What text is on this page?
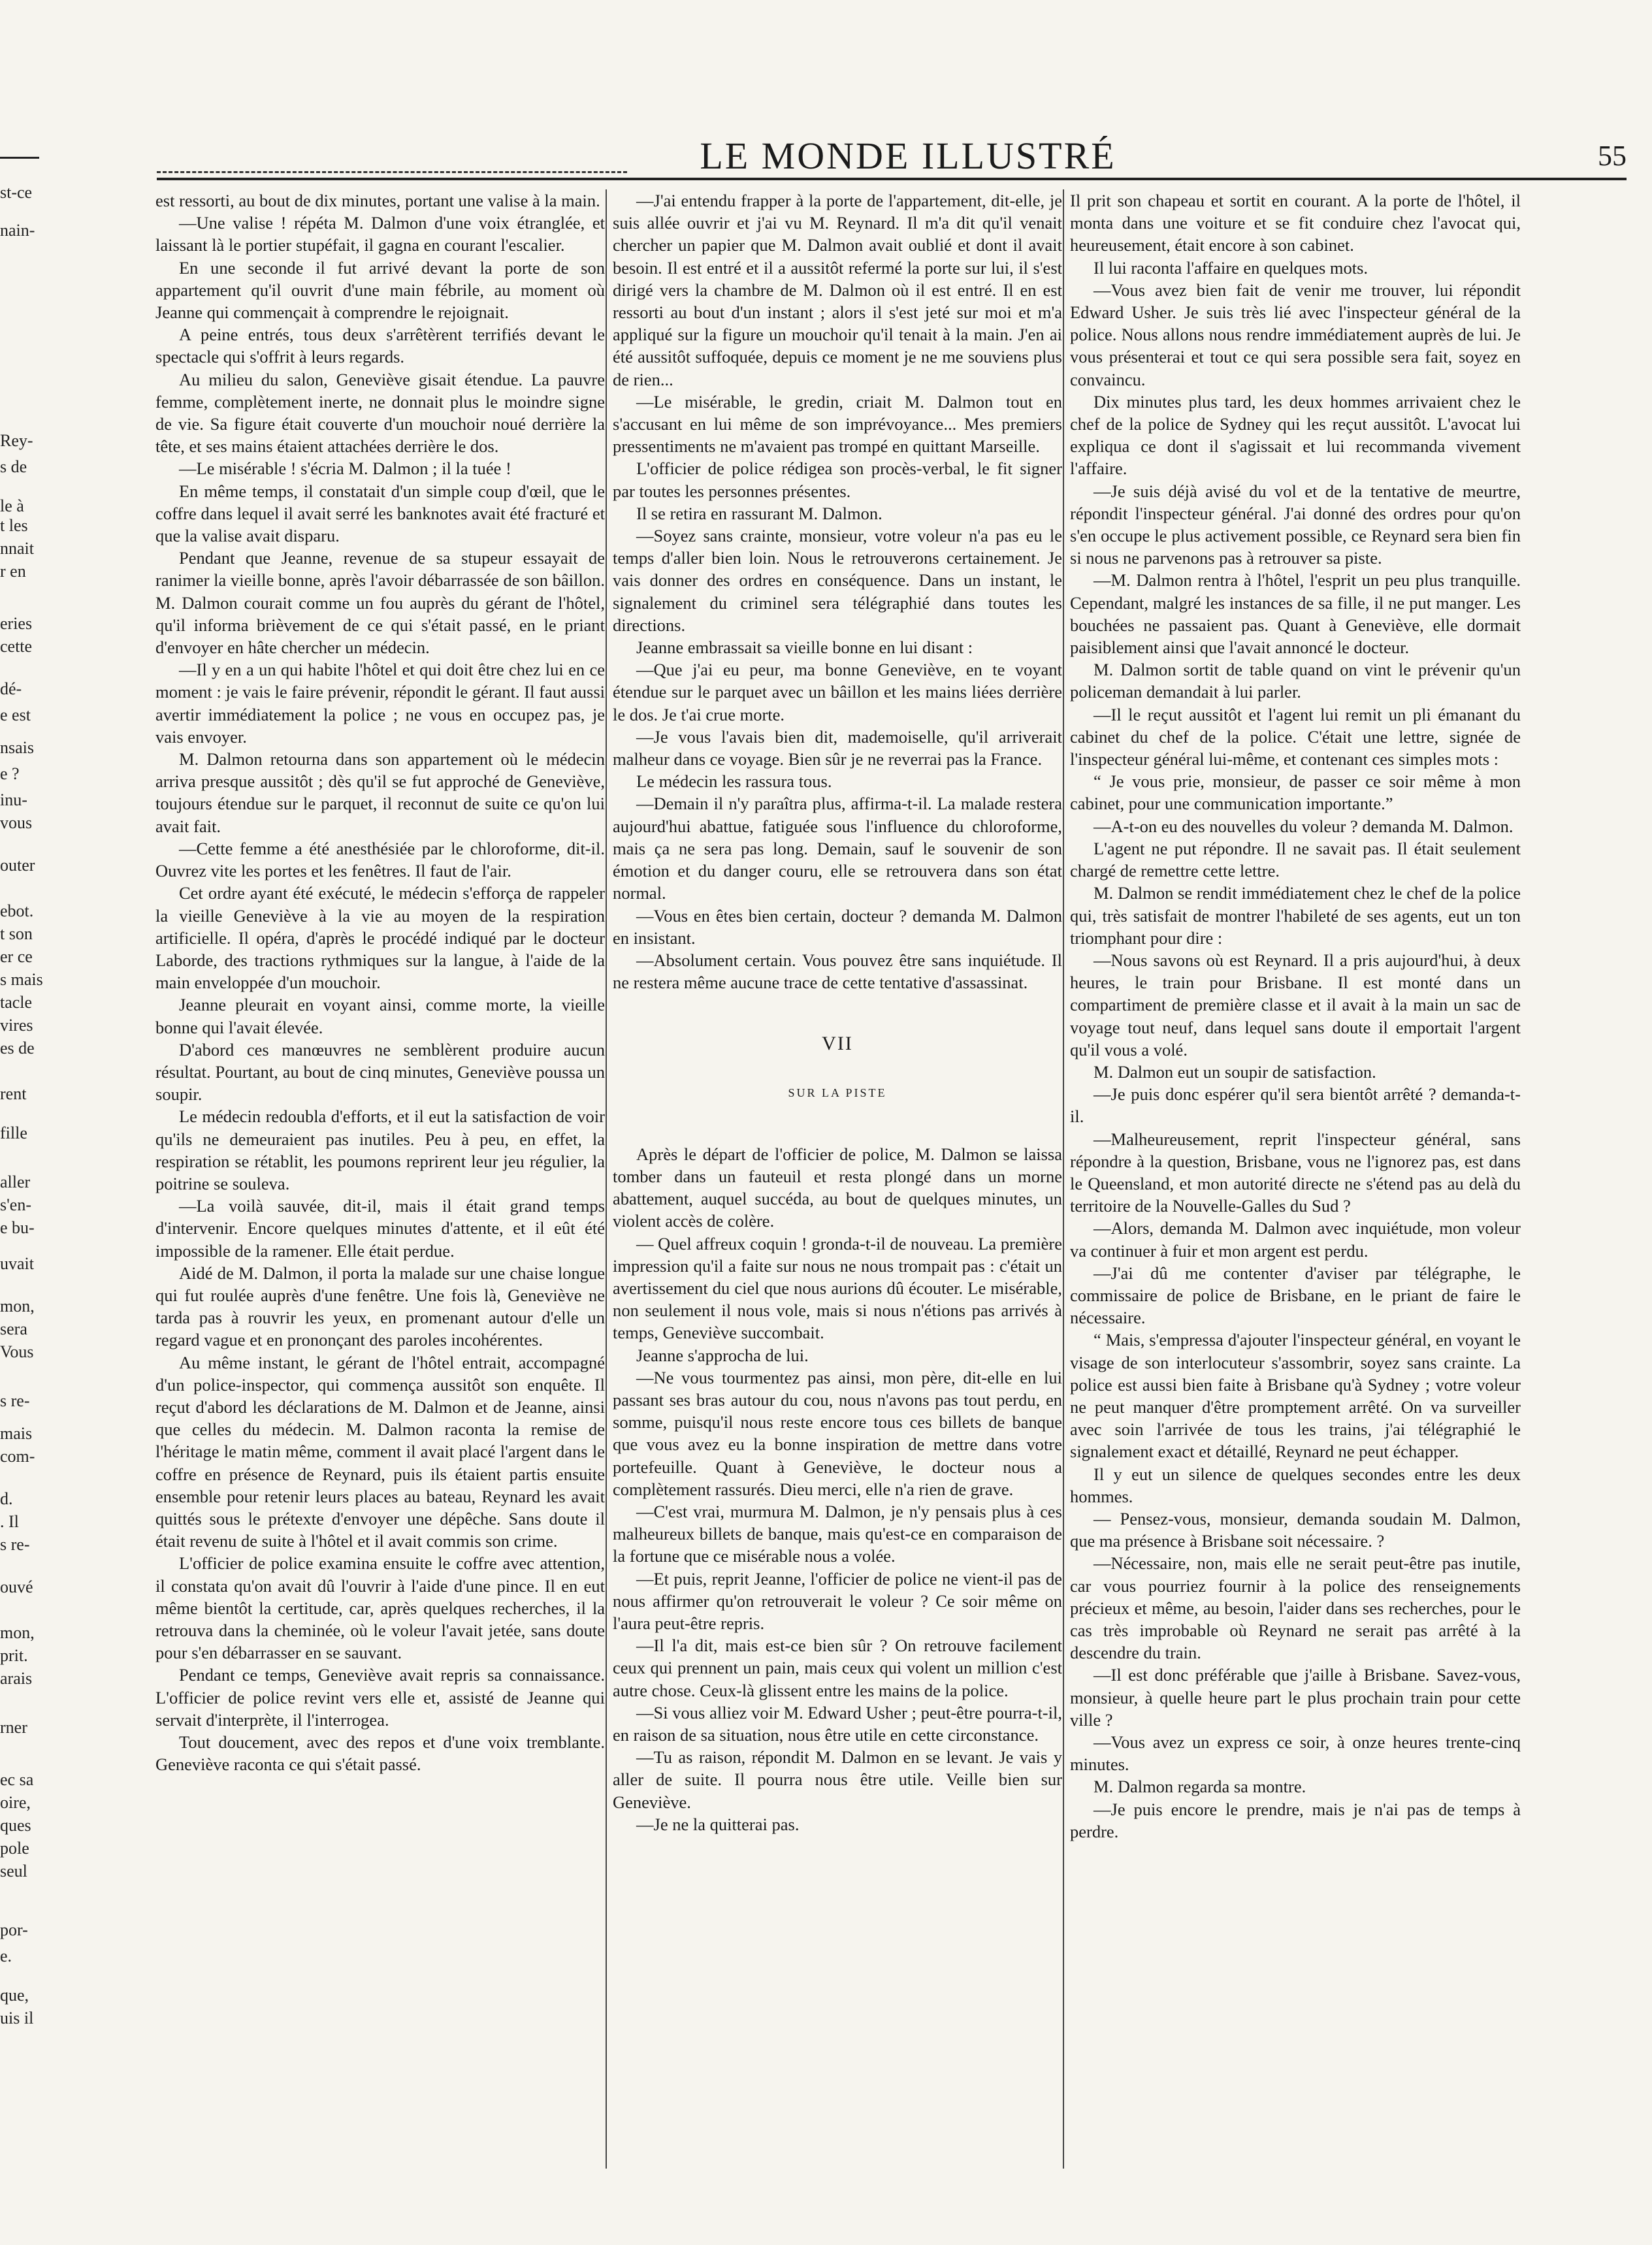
st-ce
nain-
Rey-
s de
le à
t les
nnait
r en
eries
cette
dé-
e est
nsais
e ?
inu-
vous
outer
ebot.
t son
er ce
s mais
tacle
vires
es de
rent
fille
aller
s'en-
e bu-
uvait
mon,
sera
Vous
s re-
mais
com-
d.
. Il
s re-
ouvé
mon,
prit.
arais
rner
ec sa
oire,
ques
pole
seul
por-
e.
que,
uis il
LE MONDE ILLUSTRÉ	55

est ressorti, au bout de dix minutes, portant une valise à la main.

—Une valise ! répéta M. Dalmon d'une voix étranglée, et laissant là le portier stupéfait, il gagna en courant l'escalier.

En une seconde il fut arrivé devant la porte de son appartement qu'il ouvrit d'une main fébrile, au moment où Jeanne qui commençait à comprendre le rejoignait.

A peine entrés, tous deux s'arrêtèrent terrifiés devant le spectacle qui s'offrit à leurs regards.

Au milieu du salon, Geneviève gisait étendue. La pauvre femme, complètement inerte, ne donnait plus le moindre signe de vie. Sa figure était couverte d'un mouchoir noué derrière la tête, et ses mains étaient attachées derrière le dos.

—Le misérable ! s'écria M. Dalmon ; il la tuée !

En même temps, il constatait d'un simple coup d'œil, que le coffre dans lequel il avait serré les banknotes avait été fracturé et que la valise avait disparu.

Pendant que Jeanne, revenue de sa stupeur essayait de ranimer la vieille bonne, après l'avoir débarrassée de son bâillon. M. Dalmon courait comme un fou auprès du gérant de l'hôtel, qu'il informa brièvement de ce qui s'était passé, en le priant d'envoyer en hâte chercher un médecin.

—Il y en a un qui habite l'hôtel et qui doit être chez lui en ce moment : je vais le faire prévenir, répondit le gérant. Il faut aussi avertir immédiatement la police ; ne vous en occupez pas, je vais envoyer.

M. Dalmon retourna dans son appartement où le médecin arriva presque aussitôt ; dès qu'il se fut approché de Geneviève, toujours étendue sur le parquet, il reconnut de suite ce qu'on lui avait fait.

—Cette femme a été anesthésiée par le chloroforme, dit-il. Ouvrez vite les portes et les fenêtres. Il faut de l'air.

Cet ordre ayant été exécuté, le médecin s'efforça de rappeler la vieille Geneviève à la vie au moyen de la respiration artificielle. Il opéra, d'après le procédé indiqué par le docteur Laborde, des tractions rythmiques sur la langue, à l'aide de la main enveloppée d'un mouchoir.

Jeanne pleurait en voyant ainsi, comme morte, la vieille bonne qui l'avait élevée.

D'abord ces manœuvres ne semblèrent produire aucun résultat. Pourtant, au bout de cinq minutes, Geneviève poussa un soupir.

Le médecin redoubla d'efforts, et il eut la satisfaction de voir qu'ils ne demeuraient pas inutiles. Peu à peu, en effet, la respiration se rétablit, les poumons reprirent leur jeu régulier, la poitrine se souleva.

—La voilà sauvée, dit-il, mais il était grand temps d'intervenir. Encore quelques minutes d'attente, et il eût été impossible de la ramener. Elle était perdue.

Aidé de M. Dalmon, il porta la malade sur une chaise longue qui fut roulée auprès d'une fenêtre. Une fois là, Geneviève ne tarda pas à rouvrir les yeux, en promenant autour d'elle un regard vague et en prononçant des paroles incohérentes.

Au même instant, le gérant de l'hôtel entrait, accompagné d'un police-inspector, qui commença aussitôt son enquête. Il reçut d'abord les déclarations de M. Dalmon et de Jeanne, ainsi que celles du médecin. M. Dalmon raconta la remise de l'héritage le matin même, comment il avait placé l'argent dans le coffre en présence de Reynard, puis ils étaient partis ensuite ensemble pour retenir leurs places au bateau, Reynard les avait quittés sous le prétexte d'envoyer une dépêche. Sans doute il était revenu de suite à l'hôtel et il avait commis son crime.

L'officier de police examina ensuite le coffre avec attention, il constata qu'on avait dû l'ouvrir à l'aide d'une pince. Il en eut même bientôt la certitude, car, après quelques recherches, il la retrouva dans la cheminée, où le voleur l'avait jetée, sans doute pour s'en débarrasser en se sauvant.

Pendant ce temps, Geneviève avait repris sa connaissance. L'officier de police revint vers elle et, assisté de Jeanne qui servait d'interprète, il l'interrogea.

Tout doucement, avec des repos et d'une voix tremblante. Geneviève raconta ce qui s'était passé.

—J'ai entendu frapper à la porte de l'appartement, dit-elle, je suis allée ouvrir et j'ai vu M. Reynard. Il m'a dit qu'il venait chercher un papier que M. Dalmon avait oublié et dont il avait besoin. Il est entré et il a aussitôt refermé la porte sur lui, il s'est dirigé vers la chambre de M. Dalmon où il est entré. Il en est ressorti au bout d'un instant ; alors il s'est jeté sur moi et m'a appliqué sur la figure un mouchoir qu'il tenait à la main. J'en ai été aussitôt suffoquée, depuis ce moment je ne me souviens plus de rien...

—Le misérable, le gredin, criait M. Dalmon tout en s'accusant en lui même de son imprévoyance... Mes premiers pressentiments ne m'avaient pas trompé en quittant Marseille.

L'officier de police rédigea son procès-verbal, le fit signer par toutes les personnes présentes.

Il se retira en rassurant M. Dalmon.

—Soyez sans crainte, monsieur, votre voleur n'a pas eu le temps d'aller bien loin. Nous le retrouverons certainement. Je vais donner des ordres en conséquence. Dans un instant, le signalement du criminel sera télégraphié dans toutes les directions.

Jeanne embrassait sa vieille bonne en lui disant :

—Que j'ai eu peur, ma bonne Geneviève, en te voyant étendue sur le parquet avec un bâillon et les mains liées derrière le dos. Je t'ai crue morte.

—Je vous l'avais bien dit, mademoiselle, qu'il arriverait malheur dans ce voyage. Bien sûr je ne reverrai pas la France.

Le médecin les rassura tous.

—Demain il n'y paraîtra plus, affirma-t-il. La malade restera aujourd'hui abattue, fatiguée sous l'influence du chloroforme, mais ça ne sera pas long. Demain, sauf le souvenir de son émotion et du danger couru, elle se retrouvera dans son état normal.

—Vous en êtes bien certain, docteur ? demanda M. Dalmon en insistant.

—Absolument certain. Vous pouvez être sans inquiétude. Il ne restera même aucune trace de cette tentative d'assassinat.

VII
SUR LA PISTE

Après le départ de l'officier de police, M. Dalmon se laissa tomber dans un fauteuil et resta plongé dans un morne abattement, auquel succéda, au bout de quelques minutes, un violent accès de colère.

— Quel affreux coquin ! gronda-t-il de nouveau. La première impression qu'il a faite sur nous ne nous trompait pas : c'était un avertissement du ciel que nous aurions dû écouter. Le misérable, non seulement il nous vole, mais si nous n'étions pas arrivés à temps, Geneviève succombait.

Jeanne s'approcha de lui.

—Ne vous tourmentez pas ainsi, mon père, dit-elle en lui passant ses bras autour du cou, nous n'avons pas tout perdu, en somme, puisqu'il nous reste encore tous ces billets de banque que vous avez eu la bonne inspiration de mettre dans votre portefeuille. Quant à Geneviève, le docteur nous a complètement rassurés. Dieu merci, elle n'a rien de grave.

—C'est vrai, murmura M. Dalmon, je n'y pensais plus à ces malheureux billets de banque, mais qu'est-ce en comparaison de la fortune que ce misérable nous a volée.

—Et puis, reprit Jeanne, l'officier de police ne vient-il pas de nous affirmer qu'on retrouverait le voleur ? Ce soir même on l'aura peut-être repris.

—Il l'a dit, mais est-ce bien sûr ? On retrouve facilement ceux qui prennent un pain, mais ceux qui volent un million c'est autre chose. Ceux-là glissent entre les mains de la police.

—Si vous alliez voir M. Edward Usher ; peut-être pourra-t-il, en raison de sa situation, nous être utile en cette circonstance.

—Tu as raison, répondit M. Dalmon en se levant. Je vais y aller de suite. Il pourra nous être utile. Veille bien sur Geneviève.

—Je ne la quitterai pas.

Il prit son chapeau et sortit en courant. A la porte de l'hôtel, il monta dans une voiture et se fit conduire chez l'avocat qui, heureusement, était encore à son cabinet.

Il lui raconta l'affaire en quelques mots.

—Vous avez bien fait de venir me trouver, lui répondit Edward Usher. Je suis très lié avec l'inspecteur général de la police. Nous allons nous rendre immédiatement auprès de lui. Je vous présenterai et tout ce qui sera possible sera fait, soyez en convaincu.

Dix minutes plus tard, les deux hommes arrivaient chez le chef de la police de Sydney qui les reçut aussitôt. L'avocat lui expliqua ce dont il s'agissait et lui recommanda vivement l'affaire.

—Je suis déjà avisé du vol et de la tentative de meurtre, répondit l'inspecteur général. J'ai donné des ordres pour qu'on s'en occupe le plus activement possible, ce Reynard sera bien fin si nous ne parvenons pas à retrouver sa piste.

—M. Dalmon rentra à l'hôtel, l'esprit un peu plus tranquille. Cependant, malgré les instances de sa fille, il ne put manger. Les bouchées ne passaient pas. Quant à Geneviève, elle dormait paisiblement ainsi que l'avait annoncé le docteur.

M. Dalmon sortit de table quand on vint le prévenir qu'un policeman demandait à lui parler.

—Il le reçut aussitôt et l'agent lui remit un pli émanant du cabinet du chef de la police. C'était une lettre, signée de l'inspecteur général lui-même, et contenant ces simples mots :

“ Je vous prie, monsieur, de passer ce soir même à mon cabinet, pour une communication importante.”

—A-t-on eu des nouvelles du voleur ? demanda M. Dalmon.

L'agent ne put répondre. Il ne savait pas. Il était seulement chargé de remettre cette lettre.

M. Dalmon se rendit immédiatement chez le chef de la police qui, très satisfait de montrer l'habileté de ses agents, eut un ton triomphant pour dire :

—Nous savons où est Reynard. Il a pris aujourd'hui, à deux heures, le train pour Brisbane. Il est monté dans un compartiment de première classe et il avait à la main un sac de voyage tout neuf, dans lequel sans doute il emportait l'argent qu'il vous a volé.

M. Dalmon eut un soupir de satisfaction.

—Je puis donc espérer qu'il sera bientôt arrêté ? demanda-t-il.

—Malheureusement, reprit l'inspecteur général, sans répondre à la question, Brisbane, vous ne l'ignorez pas, est dans le Queensland, et mon autorité directe ne s'étend pas au delà du territoire de la Nouvelle-Galles du Sud ?

—Alors, demanda M. Dalmon avec inquiétude, mon voleur va continuer à fuir et mon argent est perdu.

—J'ai dû me contenter d'aviser par télégraphe, le commissaire de police de Brisbane, en le priant de faire le nécessaire.

“ Mais, s'empressa d'ajouter l'inspecteur général, en voyant le visage de son interlocuteur s'assombrir, soyez sans crainte. La police est aussi bien faite à Brisbane qu'à Sydney ; votre voleur ne peut manquer d'être promptement arrêté. On va surveiller avec soin l'arrivée de tous les trains, j'ai télégraphié le signalement exact et détaillé, Reynard ne peut échapper.

Il y eut un silence de quelques secondes entre les deux hommes.

— Pensez-vous, monsieur, demanda soudain M. Dalmon, que ma présence à Brisbane soit nécessaire. ?

—Nécessaire, non, mais elle ne serait peut-être pas inutile, car vous pourriez fournir à la police des renseignements précieux et même, au besoin, l'aider dans ses recherches, pour le cas très improbable où Reynard ne serait pas arrêté à la descendre du train.

—Il est donc préférable que j'aille à Brisbane. Savez-vous, monsieur, à quelle heure part le plus prochain train pour cette ville ?

—Vous avez un express ce soir, à onze heures trente-cinq minutes.

M. Dalmon regarda sa montre.

—Je puis encore le prendre, mais je n'ai pas de temps à perdre.
